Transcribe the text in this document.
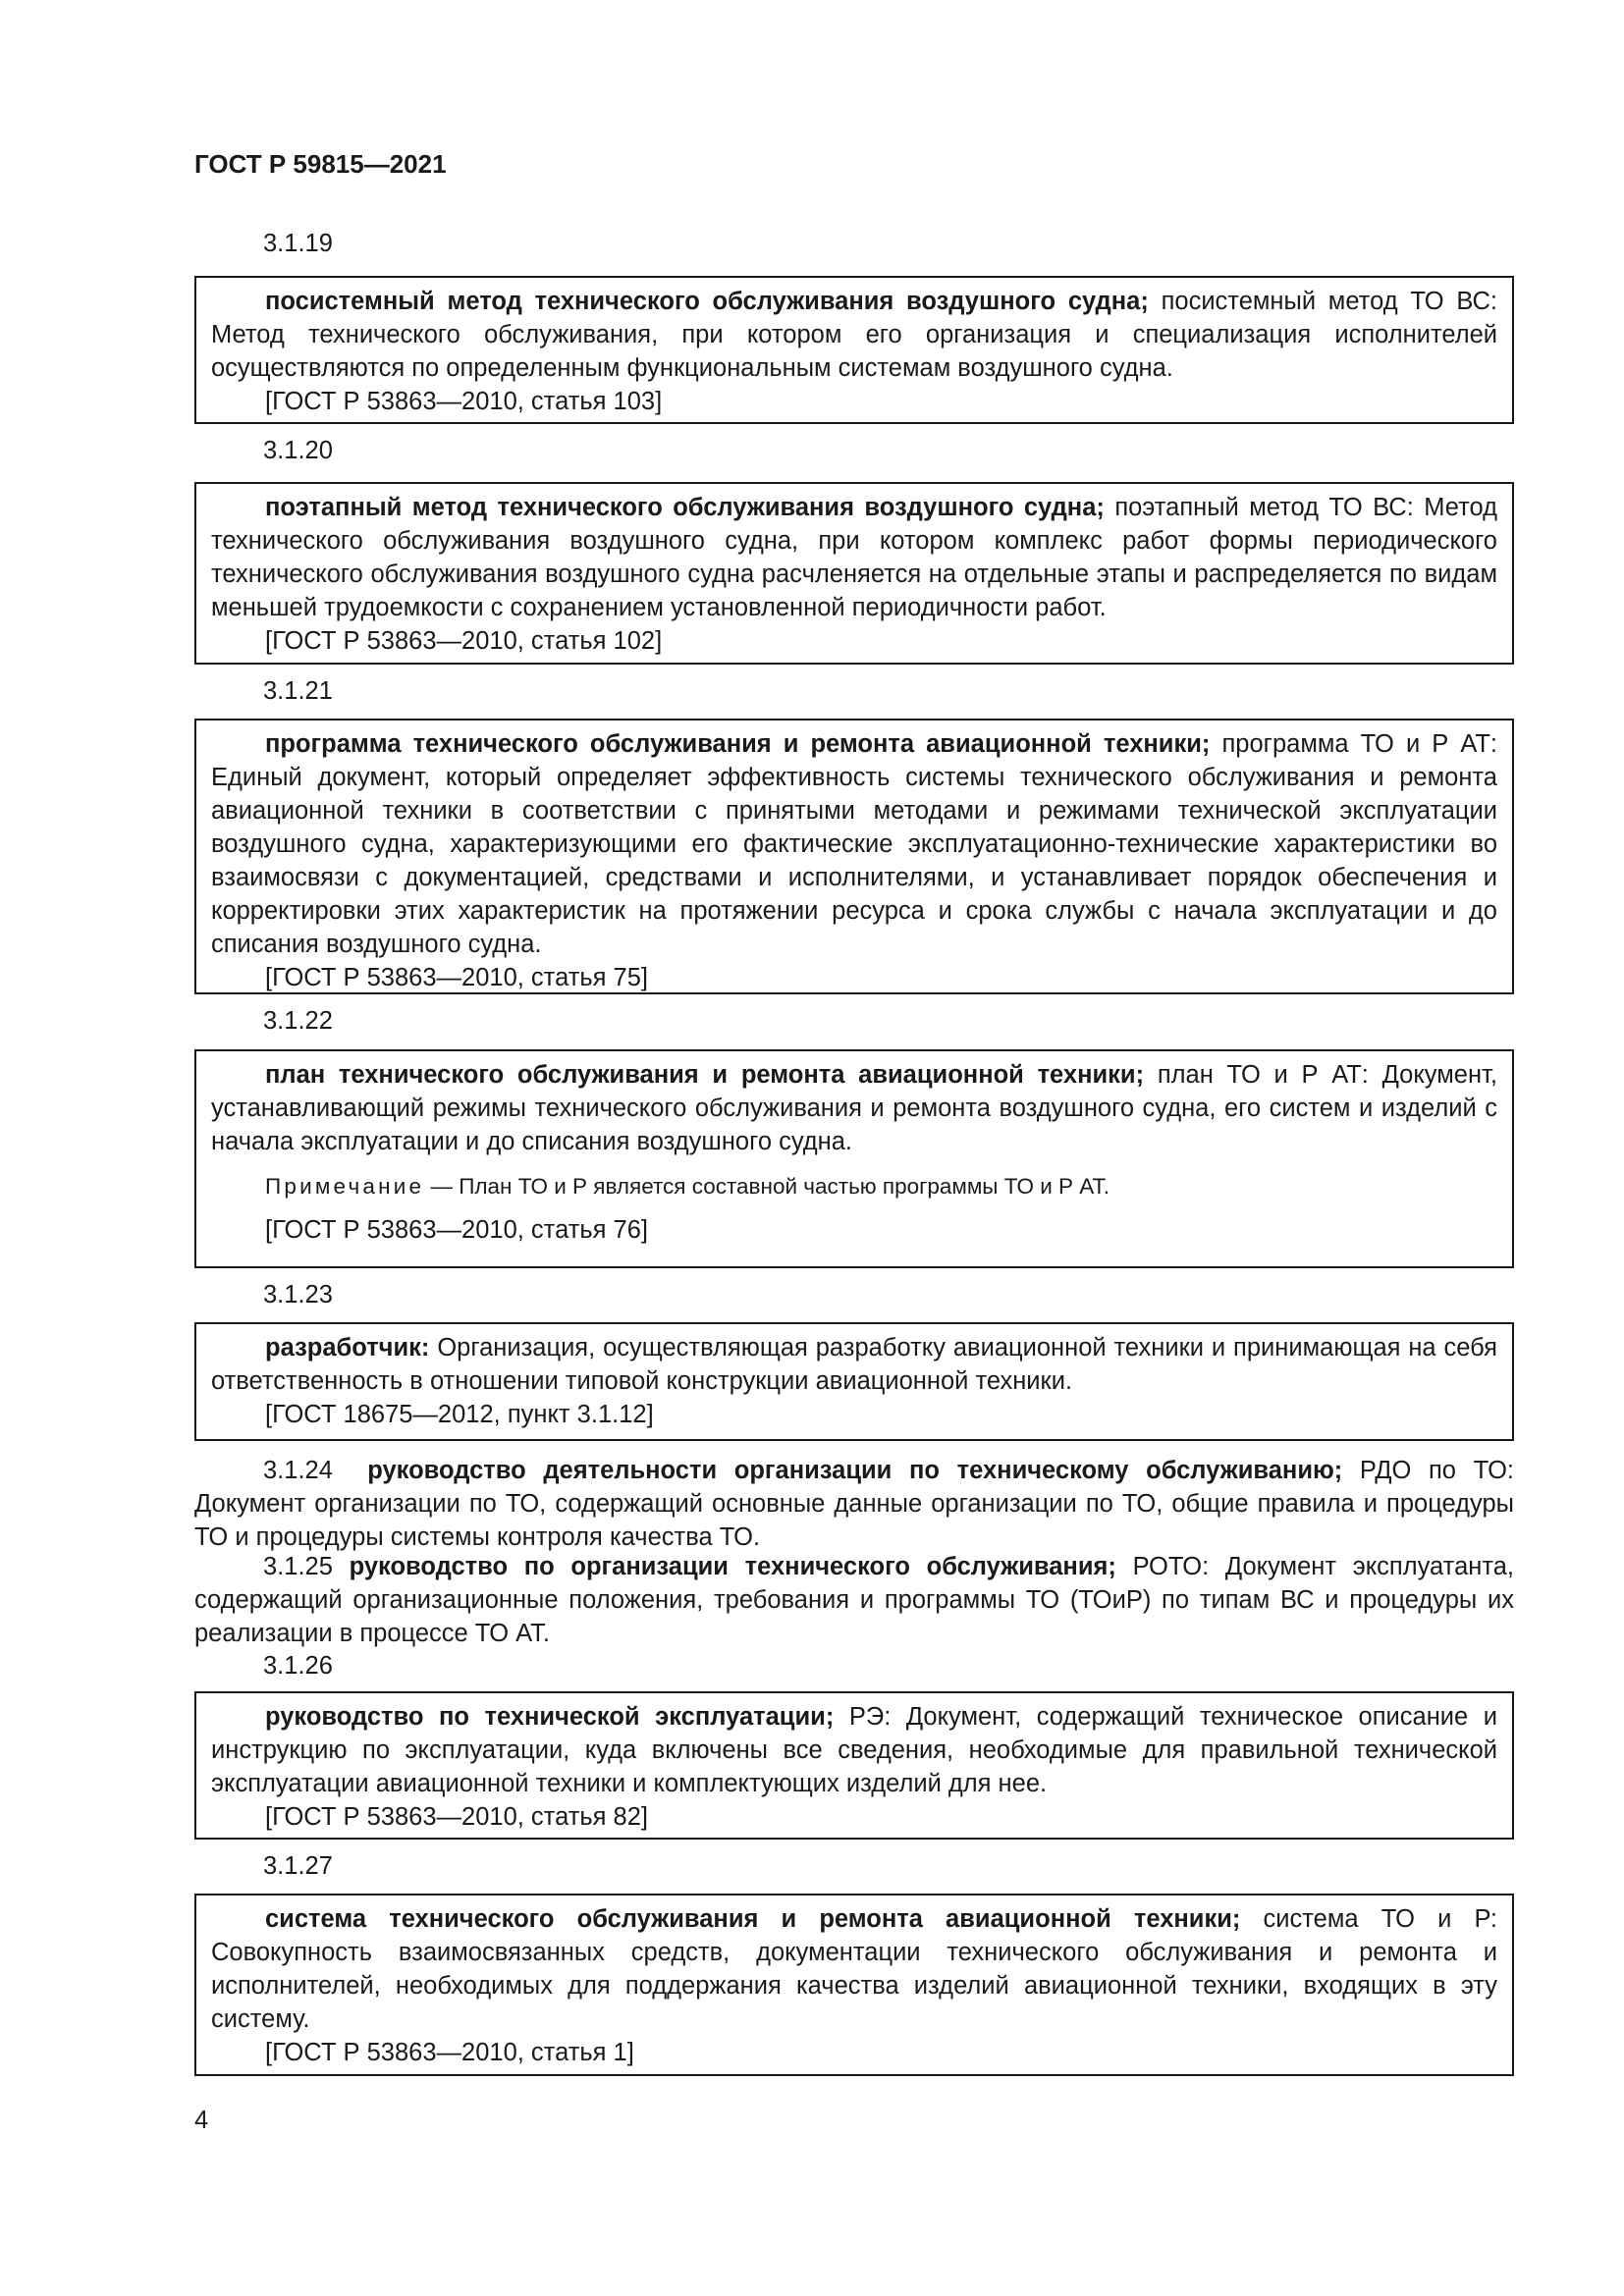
ГОСТ Р 59815—2021
3.1.19

посистемный метод технического обслуживания воздушного судна; посистемный метод ТО ВС: Метод технического обслуживания, при котором его организация и специализация исполнителей осуществляются по определенным функциональным системам воздушного судна.

[ГОСТ Р 53863—2010, статья 103]

3.1.20

поэтапный метод технического обслуживания воздушного судна; поэтапный метод ТО ВС: Метод технического обслуживания воздушного судна, при котором комплекс работ формы периодического технического обслуживания воздушного судна расчленяется на отдельные этапы и распределяется по видам меньшей трудоемкости с сохранением установленной периодичности работ.

[ГОСТ Р 53863—2010, статья 102]

3.1.21

программа технического обслуживания и ремонта авиационной техники; программа ТО и Р АТ: Единый документ, который определяет эффективность системы технического обслуживания и ремонта авиационной техники в соответствии с принятыми методами и режимами технической эксплуатации воздушного судна, характеризующими его фактические эксплуатационно-технические характеристики во взаимосвязи с документацией, средствами и исполнителями, и устанавливает порядок обеспечения и корректировки этих характеристик на протяжении ресурса и срока службы с начала эксплуатации и до списания воздушного судна.

[ГОСТ Р 53863—2010, статья 75]

3.1.22

план технического обслуживания и ремонта авиационной техники; план ТО и Р АТ: Документ, устанавливающий режимы технического обслуживания и ремонта воздушного судна, его систем и изделий с начала эксплуатации и до списания воздушного судна.

Примечание — План ТО и Р является составной частью программы ТО и Р АТ.

[ГОСТ Р 53863—2010, статья 76]

3.1.23

разработчик: Организация, осуществляющая разработку авиационной техники и принимающая на себя ответственность в отношении типовой конструкции авиационной техники.

[ГОСТ 18675—2012, пункт 3.1.12]

3.1.24 руководство деятельности организации по техническому обслуживанию; РДО по ТО: Документ организации по ТО, содержащий основные данные организации по ТО, общие правила и процедуры ТО и процедуры системы контроля качества ТО.

3.1.25 руководство по организации технического обслуживания; РОТО: Документ эксплуатанта, содержащий организационные положения, требования и программы ТО (ТОиР) по типам ВС и процедуры их реализации в процессе ТО АТ.

3.1.26

руководство по технической эксплуатации; РЭ: Документ, содержащий техническое описание и инструкцию по эксплуатации, куда включены все сведения, необходимые для правильной технической эксплуатации авиационной техники и комплектующих изделий для нее.

[ГОСТ Р 53863—2010, статья 82]

3.1.27

система технического обслуживания и ремонта авиационной техники; система ТО и Р: Совокупность взаимосвязанных средств, документации технического обслуживания и ремонта и исполнителей, необходимых для поддержания качества изделий авиационной техники, входящих в эту систему.

[ГОСТ Р 53863—2010, статья 1]

4
